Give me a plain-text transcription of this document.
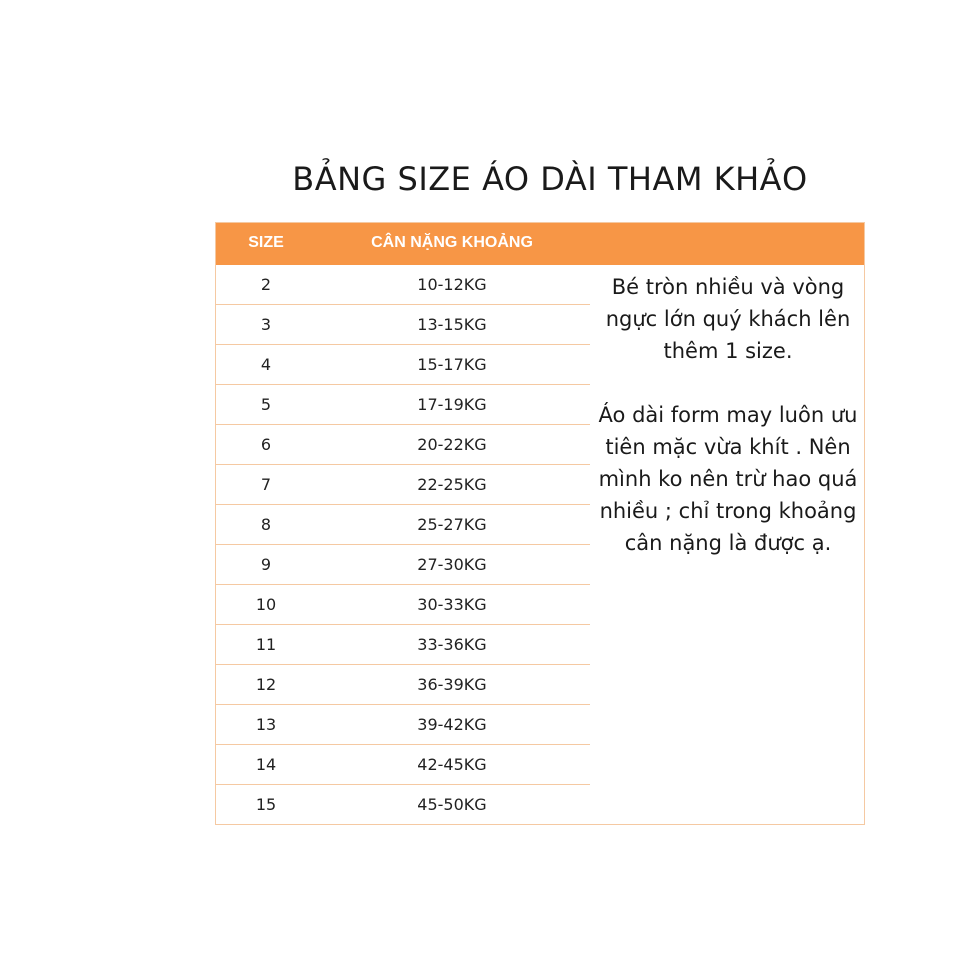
BẢNG SIZE ÁO DÀI THAM KHẢO
SIZE	CÂN NẶNG KHOẢNG
2	10-12KG
3	13-15KG
4	15-17KG
5	17-19KG
6	20-22KG
7	22-25KG
8	25-27KG
9	27-30KG
10	30-33KG
11	33-36KG
12	36-39KG
13	39-42KG
14	42-45KG
15	45-50KG

Bé tròn nhiều và vòng ngực lớn quý khách lên thêm 1 size.

Áo dài form may luôn ưu tiên mặc vừa khít . Nên mình ko nên trừ hao quá nhiều ; chỉ trong khoảng cân nặng là được ạ.
